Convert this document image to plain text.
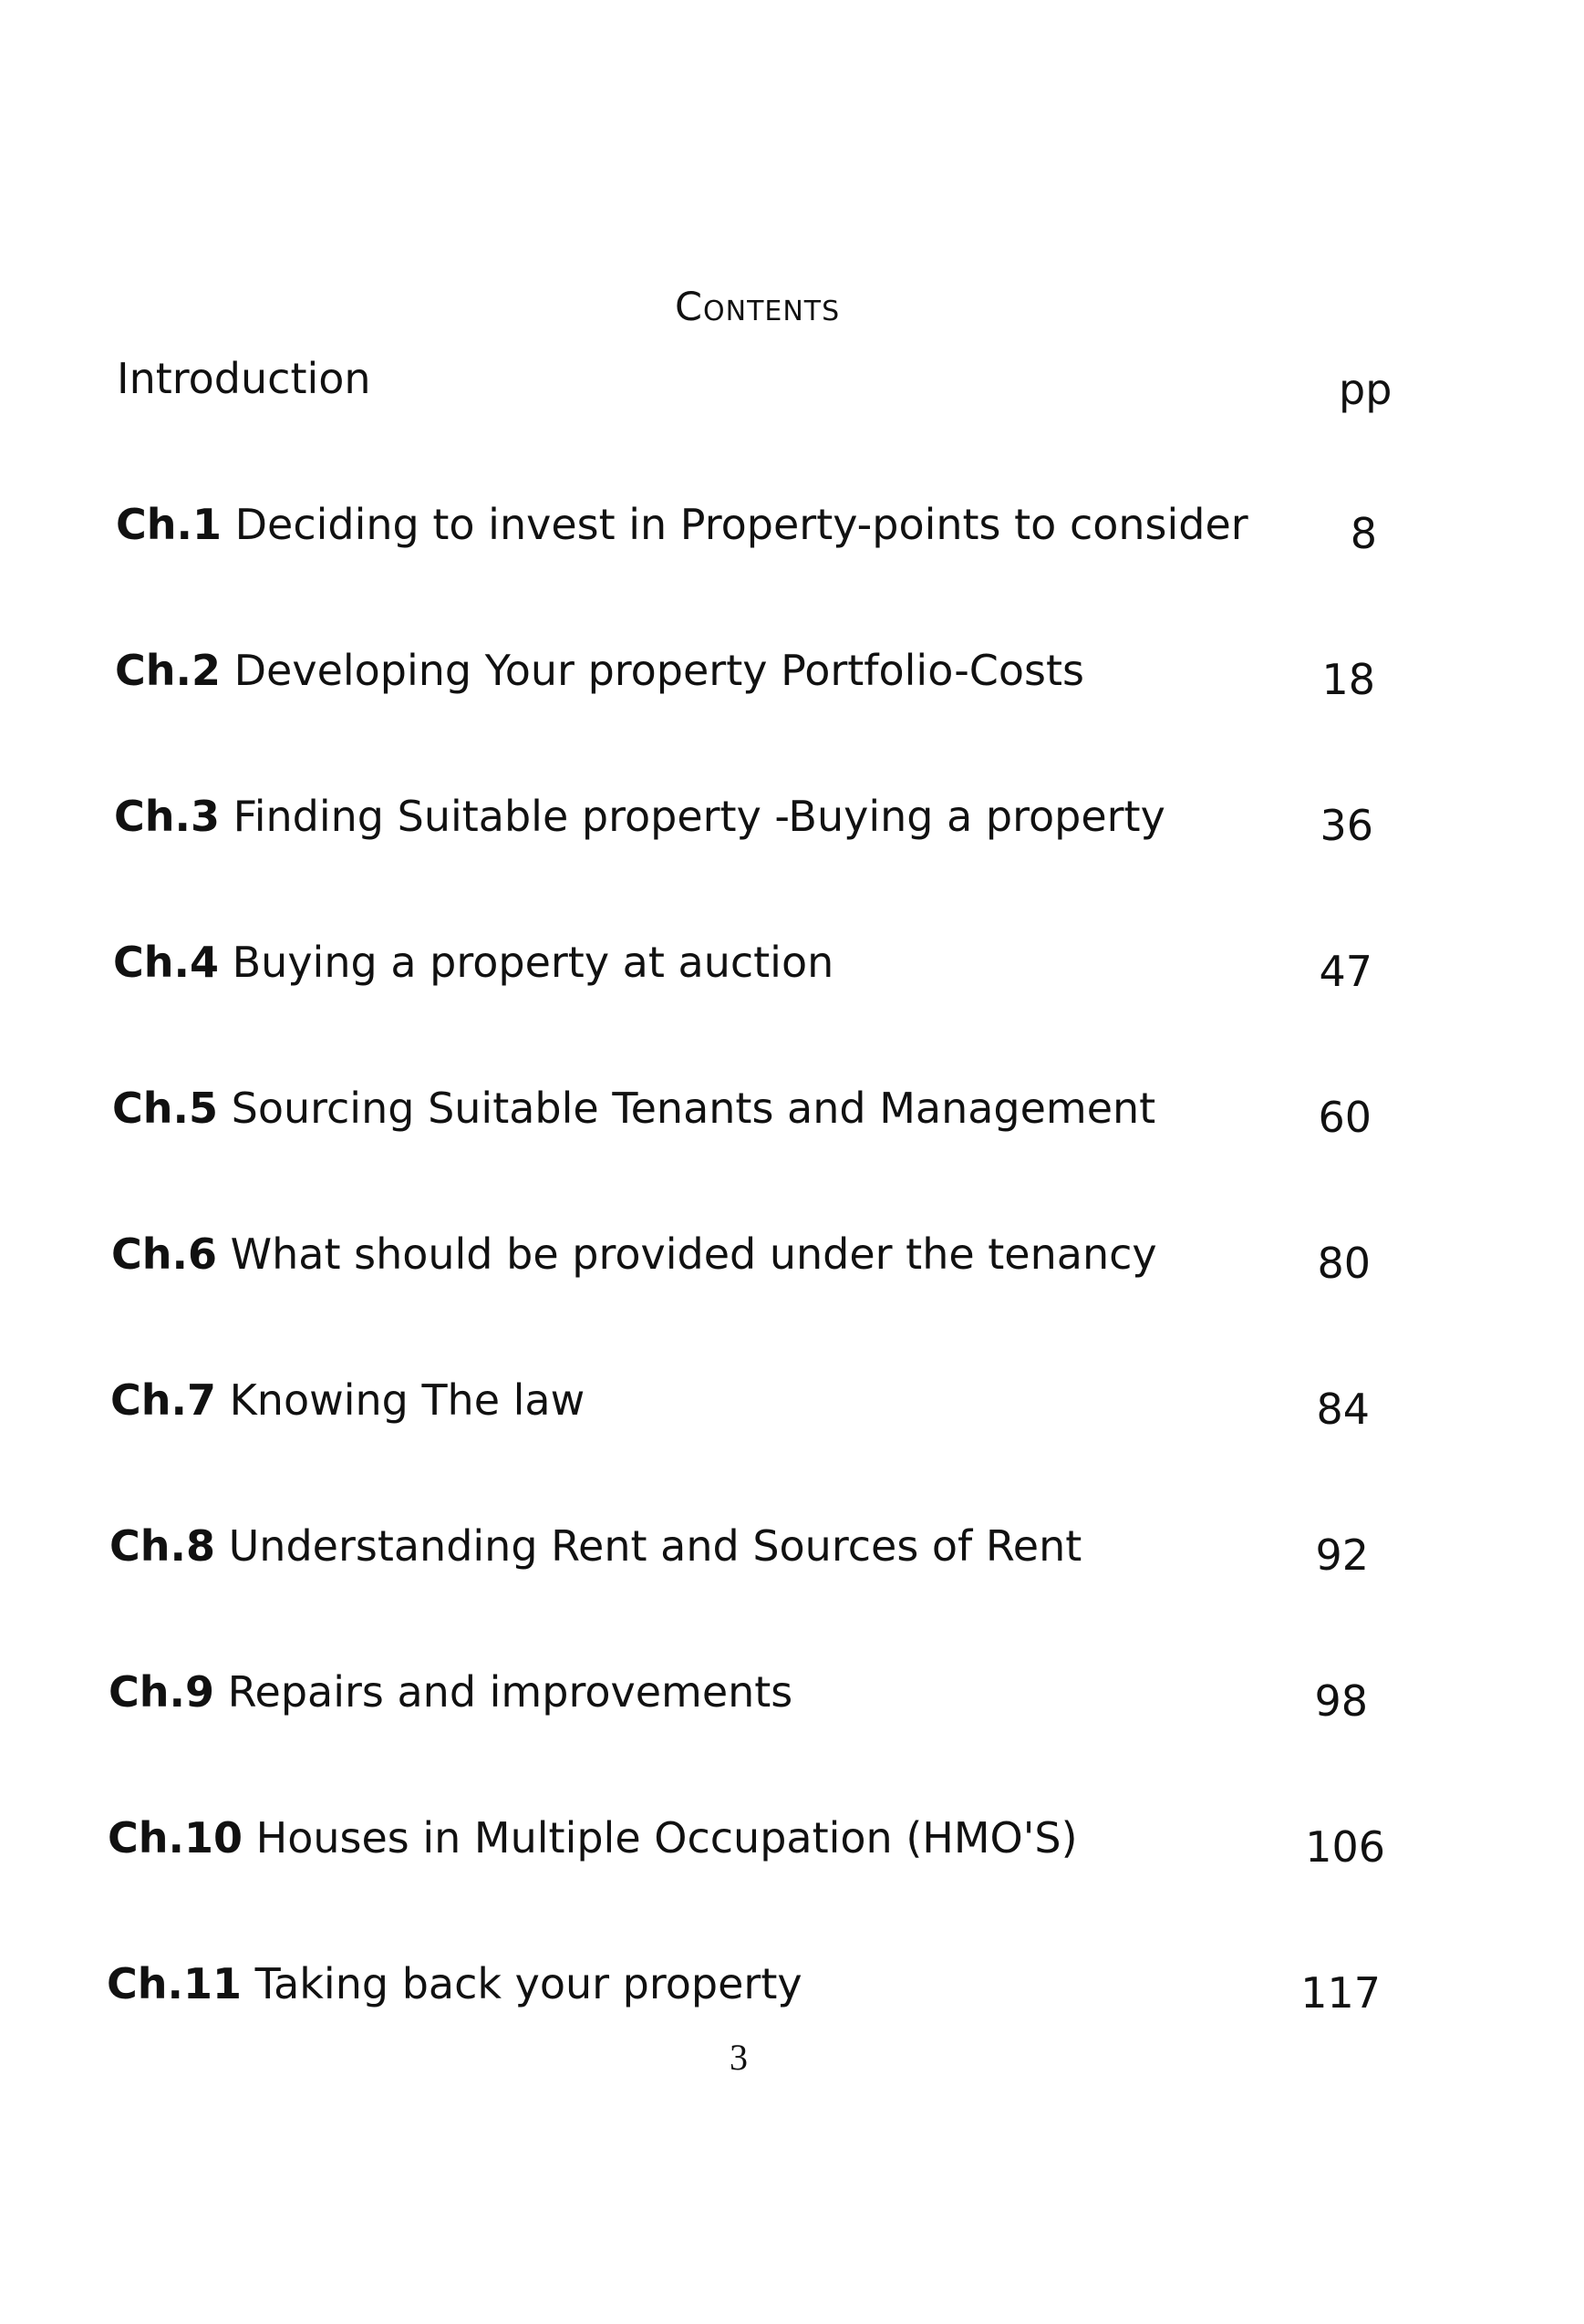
Contents
Introduction	pp
Ch.1 Deciding to invest in Property-points to consider	8
Ch.2 Developing Your property Portfolio-Costs	18
Ch.3 Finding Suitable property -Buying a property	36
Ch.4 Buying a property at auction	47
Ch.5 Sourcing Suitable Tenants and Management	60
Ch.6 What should be provided under the tenancy	80
Ch.7 Knowing The law	84
Ch.8 Understanding Rent and Sources of Rent	92
Ch.9 Repairs and improvements	98
Ch.10 Houses in Multiple Occupation (HMO'S)	106
Ch.11 Taking back your property	117
3
